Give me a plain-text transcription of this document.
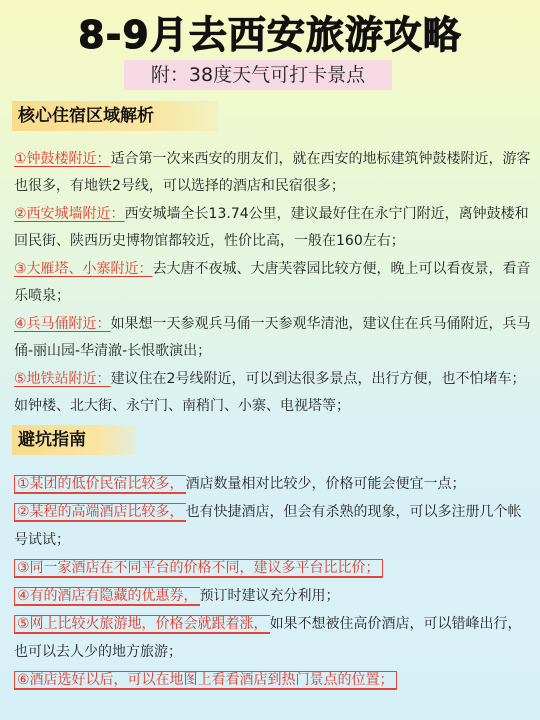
8-9月去西安旅游攻略
附：38度天气可打卡景点
核心住宿区域解析
①钟鼓楼附近：适合第一次来西安的朋友们，就在西安的地标建筑钟鼓楼附近，游客也很多，有地铁2号线，可以选择的酒店和民宿很多；
②西安城墙附近：西安城墙全长13.74公里，建议最好住在永宁门附近，离钟鼓楼和回民街、陕西历史博物馆都较近，性价比高，一般在160左右；
③大雁塔、小寨附近：去大唐不夜城、大唐芙蓉园比较方便，晚上可以看夜景，看音乐喷泉；
④兵马俑附近：如果想一天参观兵马俑一天参观华清池，建议住在兵马俑附近，兵马俑-丽山园-华清澈-长恨歌演出；
⑤地铁站附近：建议住在2号线附近，可以到达很多景点，出行方便，也不怕堵车；如钟楼、北大街、永宁门、南稍门、小寨、电视塔等；
避坑指南
①某团的低价民宿比较多， 酒店数量相对比较少，价格可能会便宜一点；
②某程的高端酒店比较多， 也有快捷酒店，但会有杀熟的现象，可以多注册几个帐号试试；
③同一家酒店在不同平台的价格不同，建议多平台比比价；
④有的酒店有隐藏的优惠券， 预订时建议充分利用；
⑤网上比较火旅游地，价格会就跟着涨， 如果不想被住高价酒店，可以错峰出行，也可以去人少的地方旅游；
⑥酒店选好以后，可以在地图上看看酒店到热门景点的位置；
